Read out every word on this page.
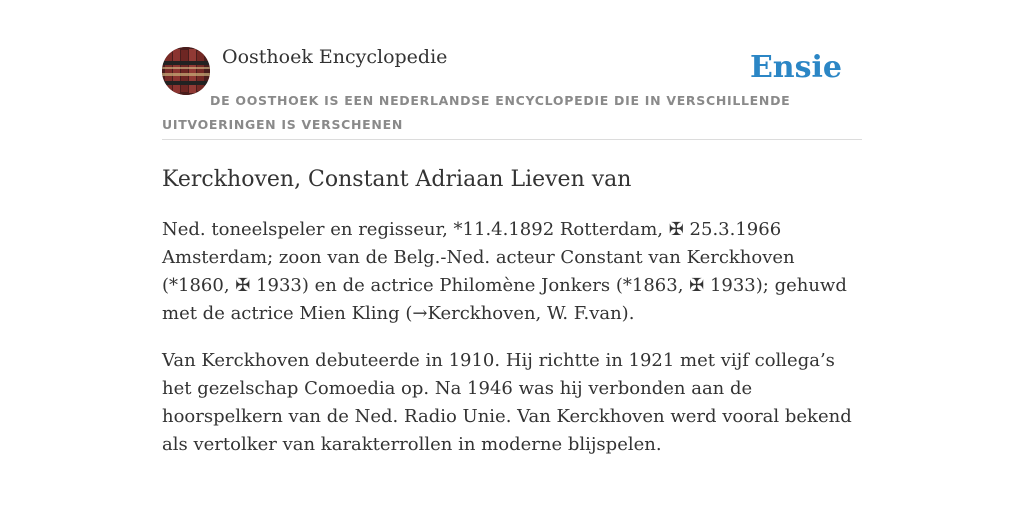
Oosthoek Encyclopedie	Ensie
DE OOSTHOEK IS EEN NEDERLANDSE ENCYCLOPEDIE DIE IN VERSCHILLENDE UITVOERINGEN IS VERSCHENEN
Kerckhoven, Constant Adriaan Lieven van

Ned. toneelspeler en regisseur, *11.4.1892 Rotterdam, ✠ 25.3.1966 Amsterdam; zoon van de Belg.-Ned. acteur Constant van Kerckhoven (*1860, ✠ 1933) en de actrice Philomène Jonkers (*1863, ✠ 1933); gehuwd met de actrice Mien Kling (→Kerckhoven, W. F.van).

Van Kerckhoven debuteerde in 1910. Hij richtte in 1921 met vijf collega’s het gezelschap Comoedia op. Na 1946 was hij verbonden aan de hoorspelkern van de Ned. Radio Unie. Van Kerckhoven werd vooral bekend als vertolker van karakterrollen in moderne blijspelen.
